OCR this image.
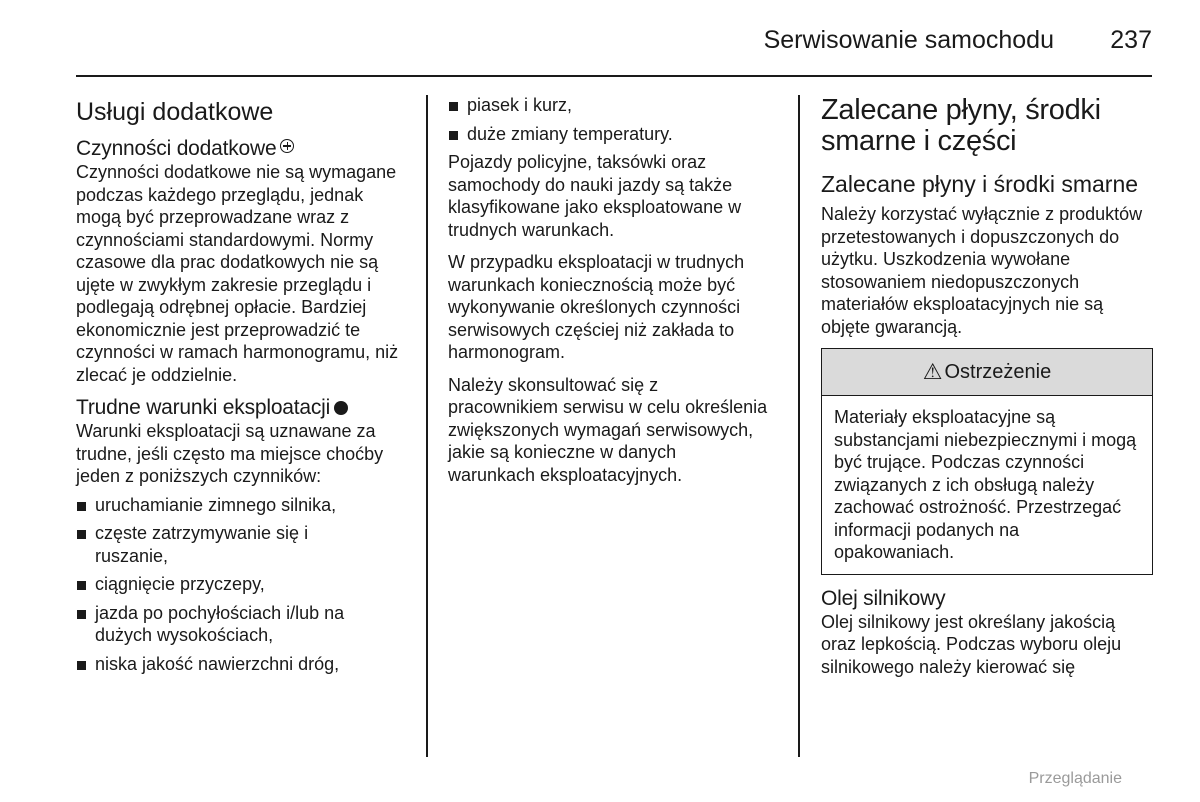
Serwisowanie samochodu 237
Usługi dodatkowe
Czynności dodatkowe

Czynności dodatkowe nie są wymagane podczas każdego przeglądu, jednak mogą być przeprowadzane wraz z czynnościami standardowymi. Normy czasowe dla prac dodatkowych nie są ujęte w zwykłym zakresie przeglądu i podlegają odrębnej opłacie. Bardziej ekonomicznie jest przeprowadzić te czynności w ramach harmonogramu, niż zlecać je oddzielnie.

Trudne warunki eksploatacji

Warunki eksploatacji są uznawane za trudne, jeśli często ma miejsce choćby jeden z poniższych czynników:

uruchamianie zimnego silnika,
częste zatrzymywanie się i ruszanie,
ciągnięcie przyczepy,
jazda po pochyłościach i/lub na dużych wysokościach,
niska jakość nawierzchni dróg,
piasek i kurz,
duże zmiany temperatury.

Pojazdy policyjne, taksówki oraz samochody do nauki jazdy są także klasyfikowane jako eksploatowane w trudnych warunkach.

W przypadku eksploatacji w trudnych warunkach koniecznością może być wykonywanie określonych czynności serwisowych częściej niż zakłada to harmonogram.

Należy skonsultować się z pracownikiem serwisu w celu określenia zwiększonych wymagań serwisowych, jakie są konieczne w danych warunkach eksploatacyjnych.

Zalecane płyny, środki smarne i części
Zalecane płyny i środki smarne

Należy korzystać wyłącznie z produktów przetestowanych i dopuszczonych do użytku. Uszkodzenia wywołane stosowaniem niedopuszczonych materiałów eksploatacyjnych nie są objęte gwarancją.

⚠ Ostrzeżenie
Materiały eksploatacyjne są substancjami niebezpiecznymi i mogą być trujące. Podczas czynności związanych z ich obsługą należy zachować ostrożność. Przestrzegać informacji podanych na opakowaniach.
Olej silnikowy

Olej silnikowy jest określany jakością oraz lepkością. Podczas wyboru oleju silnikowego należy kierować się

Przeglądanie
